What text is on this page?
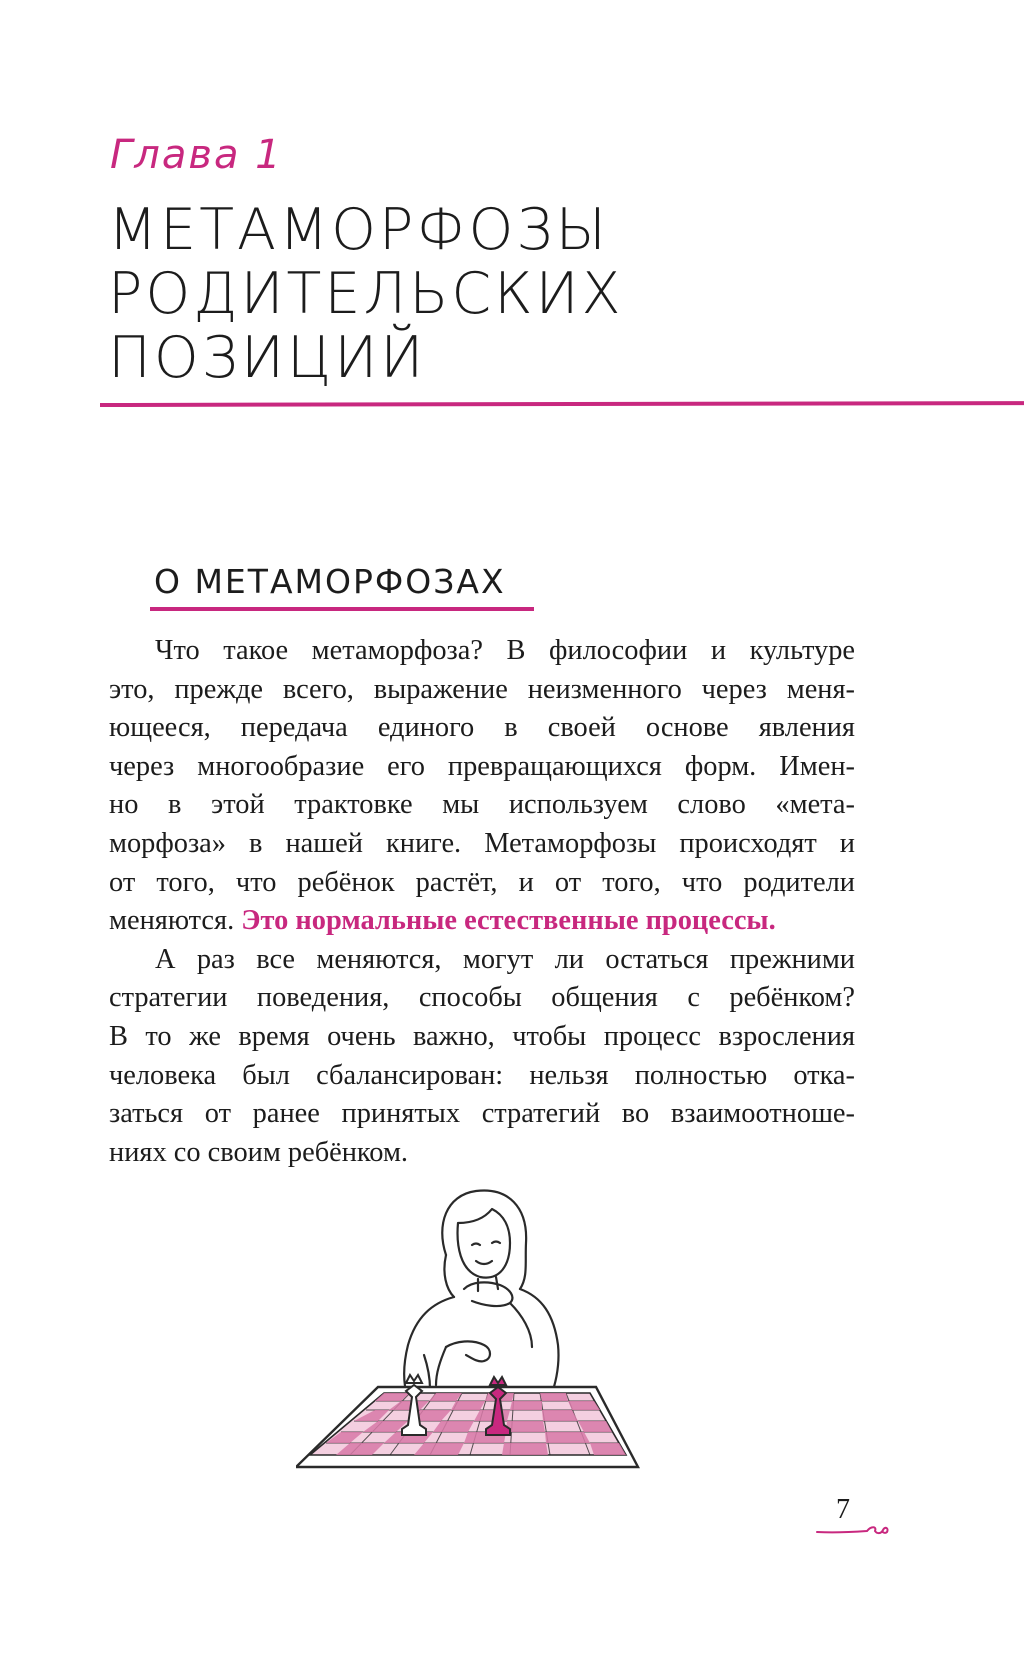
Глава 1
МЕТАМОРФОЗЫ
РОДИТЕЛЬСКИХ
ПОЗИЦИЙ
О МЕТАМОРФОЗАХ
Что такое метаморфоза? В философии и культуре
это, прежде всего, выражение неизменного через меня-
ющееся, передача единого в своей основе явления
через многообразие его превращающихся форм. Имен-
но в этой трактовке мы используем слово «мета-
морфоза» в нашей книге. Метаморфозы происходят и
от того, что ребёнок растёт, и от того, что родители
меняются. Это нормальные естественные процессы.
А раз все меняются, могут ли остаться прежними
стратегии поведения, способы общения с ребёнком?
В то же время очень важно, чтобы процесс взросления
человека был сбалансирован: нельзя полностью отка-
заться от ранее принятых стратегий во взаимоотноше-
ниях со своим ребёнком.
7
